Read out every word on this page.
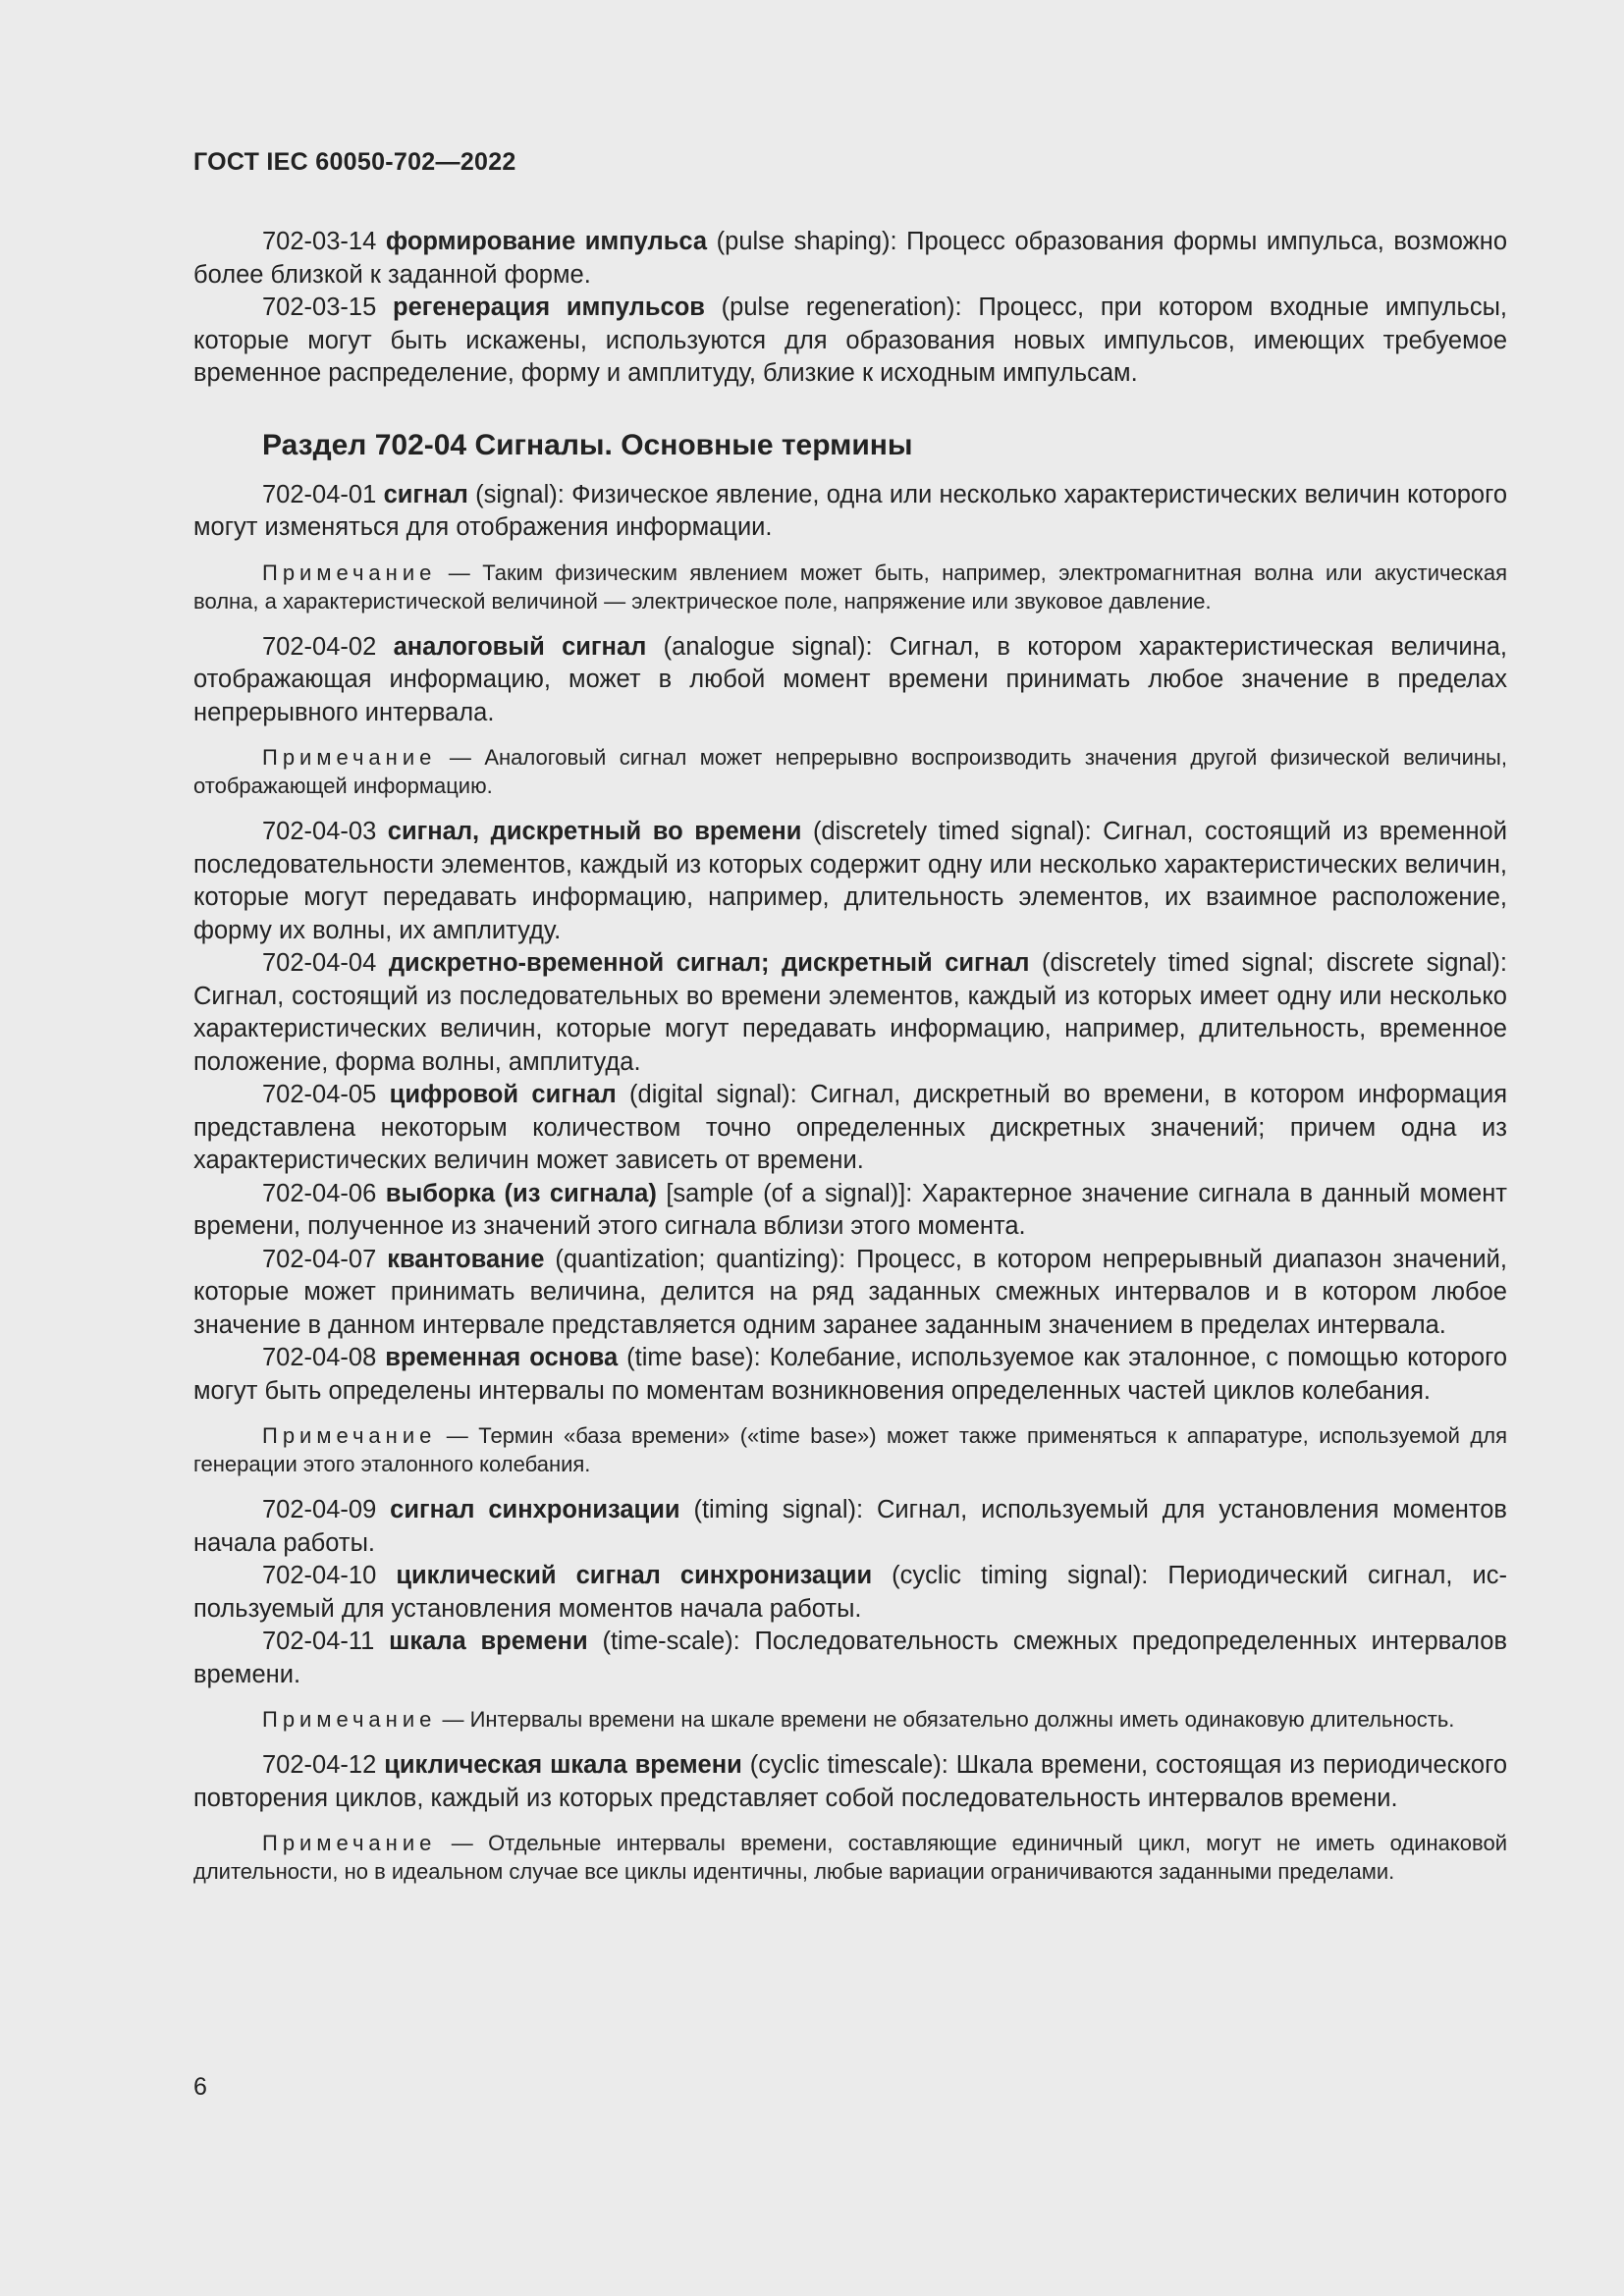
ГОСТ IEC 60050-702—2022

702-03-14 формирование импульса (pulse shaping): Процесс образования формы импульса, возможно более близкой к заданной форме.

702-03-15 регенерация импульсов (pulse regeneration): Процесс, при котором входные импульсы, которые могут быть искажены, используются для образования новых импульсов, имеющих требуемое временное распределение, форму и амплитуду, близкие к исходным импульсам.

Раздел 702-04 Сигналы. Основные термины

702-04-01 сигнал (signal): Физическое явление, одна или несколько характеристических величин которого могут изменяться для отображения информации.

Примечание — Таким физическим явлением может быть, например, электромагнитная волна или акустическая волна, а характеристической величиной — электрическое поле, напряжение или звуковое давление.

702-04-02 аналоговый сигнал (analogue signal): Сигнал, в котором характеристическая величина, отображающая информацию, может в любой момент времени принимать любое значение в пределах непрерывного интервала.

Примечание — Аналоговый сигнал может непрерывно воспроизводить значения другой физической величины, отображающей информацию.

702-04-03 сигнал, дискретный во времени (discretely timed signal): Сигнал, состоящий из временной последовательности элементов, каждый из которых содержит одну или несколько характеристических величин, которые могут передавать информацию, например, длительность элементов, их взаимное расположение, форму их волны, их амплитуду.

702-04-04 дискретно-временной сигнал; дискретный сигнал (discretely timed signal; discrete signal): Сигнал, состоящий из последовательных во времени элементов, каждый из которых имеет одну или несколько характеристических величин, которые могут передавать информацию, например, длительность, временное положение, форма волны, амплитуда.

702-04-05 цифровой сигнал (digital signal): Сигнал, дискретный во времени, в котором информация представлена некоторым количеством точно определенных дискретных значений; причем одна из характеристических величин может зависеть от времени.

702-04-06 выборка (из сигнала) [sample (of a signal)]: Характерное значение сигнала в данный момент времени, полученное из значений этого сигнала вблизи этого момента.

702-04-07 квантование (quantization; quantizing): Процесс, в котором непрерывный диапазон значений, которые может принимать величина, делится на ряд заданных смежных интервалов и в котором любое значение в данном интервале представляется одним заранее заданным значением в пределах интервала.

702-04-08 временная основа (time base): Колебание, используемое как эталонное, с помощью которого могут быть определены интервалы по моментам возникновения определенных частей циклов колебания.

Примечание — Термин «база времени» («time base») может также применяться к аппаратуре, используемой для генерации этого эталонного колебания.

702-04-09 сигнал синхронизации (timing signal): Сигнал, используемый для установления моментов начала работы.

702-04-10 циклический сигнал синхронизации (cyclic timing signal): Периодический сигнал, используемый для установления моментов начала работы.

702-04-11 шкала времени (time-scale): Последовательность смежных предопределенных интервалов времени.

Примечание — Интервалы времени на шкале времени не обязательно должны иметь одинаковую длительность.

702-04-12 циклическая шкала времени (cyclic timescale): Шкала времени, состоящая из периодического повторения циклов, каждый из которых представляет собой последовательность интервалов времени.

Примечание — Отдельные интервалы времени, составляющие единичный цикл, могут не иметь одинаковой длительности, но в идеальном случае все циклы идентичны, любые вариации ограничиваются заданными пределами.

6
